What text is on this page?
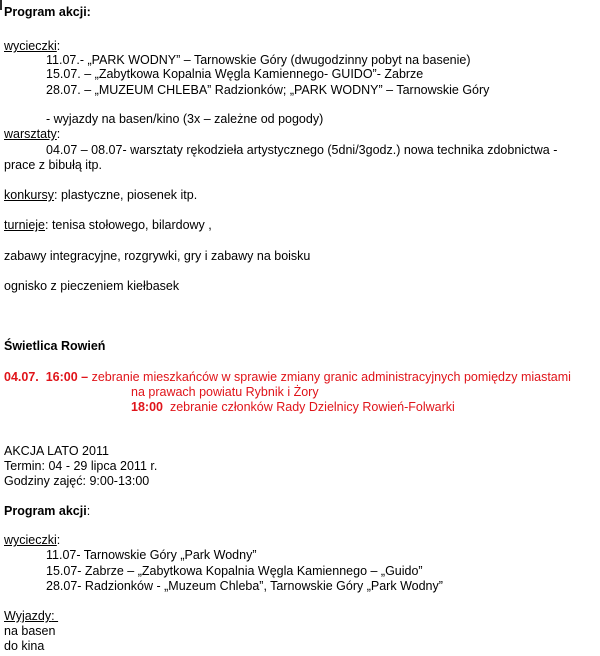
Program akcji:
wycieczki:
11.07.- „PARK WODNY” – Tarnowskie Góry (dwugodzinny pobyt na basenie)
15.07. – „Zabytkowa Kopalnia Węgla Kamiennego- GUIDO”- Zabrze
28.07. – „MUZEUM CHLEBA” Radzionków; „PARK WODNY” – Tarnowskie Góry
- wyjazdy na basen/kino (3x – zależne od pogody)
warsztaty:
04.07 – 08.07- warsztaty rękodzieła artystycznego (5dni/3godz.) nowa technika zdobnictwa -
prace z bibułą itp.
konkursy: plastyczne, piosenek itp.
turnieje: tenisa stołowego, bilardowy ,
zabawy integracyjne, rozgrywki, gry i zabawy na boisku
ognisko z pieczeniem kiełbasek
Świetlica Rowień
04.07. 16:00 – zebranie mieszkańców w sprawie zmiany granic administracyjnych pomiędzy miastami
na prawach powiatu Rybnik i Żory
18:00 zebranie członków Rady Dzielnicy Rowień-Folwarki
AKCJA LATO 2011
Termin: 04 - 29 lipca 2011 r.
Godziny zajęć: 9:00-13:00
Program akcji:
wycieczki:
11.07- Tarnowskie Góry „Park Wodny”
15.07- Zabrze – „Zabytkowa Kopalnia Węgla Kamiennego – „Guido”
28.07- Radzionków - „Muzeum Chleba”, Tarnowskie Góry „Park Wodny”
Wyjazdy:
na basen
do kina
